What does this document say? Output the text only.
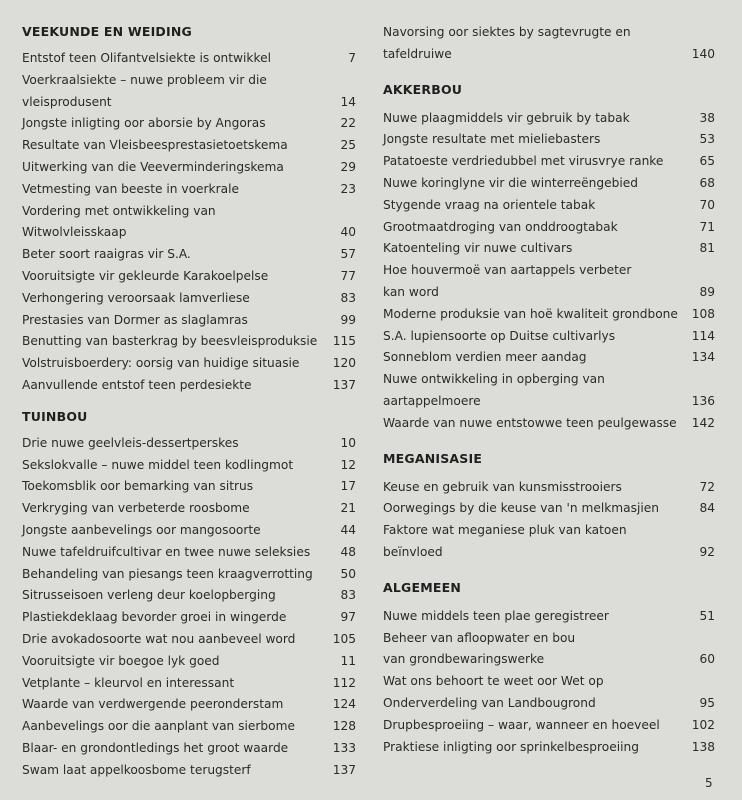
VEEKUNDE EN WEIDING
Entstof teen Olifantvelsiekte is ontwikkel	7
Voerkraalsiekte – nuwe probleem vir die
vleisprodusent	14
Jongste inligting oor aborsie by Angoras	22
Resultate van Vleisbeesprestasietoetskema	25
Uitwerking van die Veeverminderingskema	29
Vetmesting van beeste in voerkrale	23
Vordering met ontwikkeling van
Witwolvleisskaap	40
Beter soort raaigras vir S.A.	57
Vooruitsigte vir gekleurde Karakoelpelse	77
Verhongering veroorsaak lamverliese	83
Prestasies van Dormer as slaglamras	99
Benutting van basterkrag by beesvleisproduksie 115
Volstruisboerdery: oorsig van huidige situasie	120
Aanvullende entstof teen perdesiekte	137
TUINBOU
Drie nuwe geelvleis-dessertperskes	10
Sekslokvalle – nuwe middel teen kodlingmot	12
Toekomsblik oor bemarking van sitrus	17
Verkryging van verbeterde roosbome	21
Jongste aanbevelings oor mangosoorte	44
Nuwe tafeldruifcultivar en twee nuwe seleksies 48
Behandeling van piesangs teen kraagverrotting 50
Sitrusseisoen verleng deur koelopberging	83
Plastiekdeklaag bevorder groei in wingerde	97
Drie avokadosoorte wat nou aanbeveel word	105
Vooruitsigte vir boegoe lyk goed	11
Vetplante – kleurvol en interessant	112
Waarde van verdwergende peeronderstam	124
Aanbevelings oor die aanplant van sierbome	128
Blaar- en grondontledings het groot waarde	133
Swam laat appelkoosbome terugsterf	137
Navorsing oor siektes by sagtevrugte en
tafeldruiwe	140
AKKERBOU
Nuwe plaagmiddels vir gebruik by tabak	38
Jongste resultate met mieliebasters	53
Patatoeste verdriedubbel met virusvrye ranke	65
Nuwe koringlyne vir die winterreëngebied	68
Stygende vraag na orientele tabak	70
Grootmaatdroging van onddroogtabak	71
Katoenteling vir nuwe cultivars	81
Hoe houvermoë van aartappels verbeter
kan word	89
Moderne produksie van hoë kwaliteit grondbone 108
S.A. lupiensoorte op Duitse cultivarlys	114
Sonneblom verdien meer aandag	134
Nuwe ontwikkeling in opberging van
aartappelmoere	136
Waarde van nuwe entstowwe teen peulgewasse 142
MEGANISASIE
Keuse en gebruik van kunsmisstrooiers	72
Oorwegings by die keuse van 'n melkmasjien	84
Faktore wat meganiese pluk van katoen
beïnvloed	92
ALGEMEEN
Nuwe middels teen plae geregistreer	51
Beheer van afloopwater en bou
van grondbewaringswerke	60
Wat ons behoort te weet oor Wet op
Onderverdeling van Landbougrond	95
Drupbesproeiing – waar, wanneer en hoeveel	102
Praktiese inligting oor sprinkelbesproeiing	138
5
